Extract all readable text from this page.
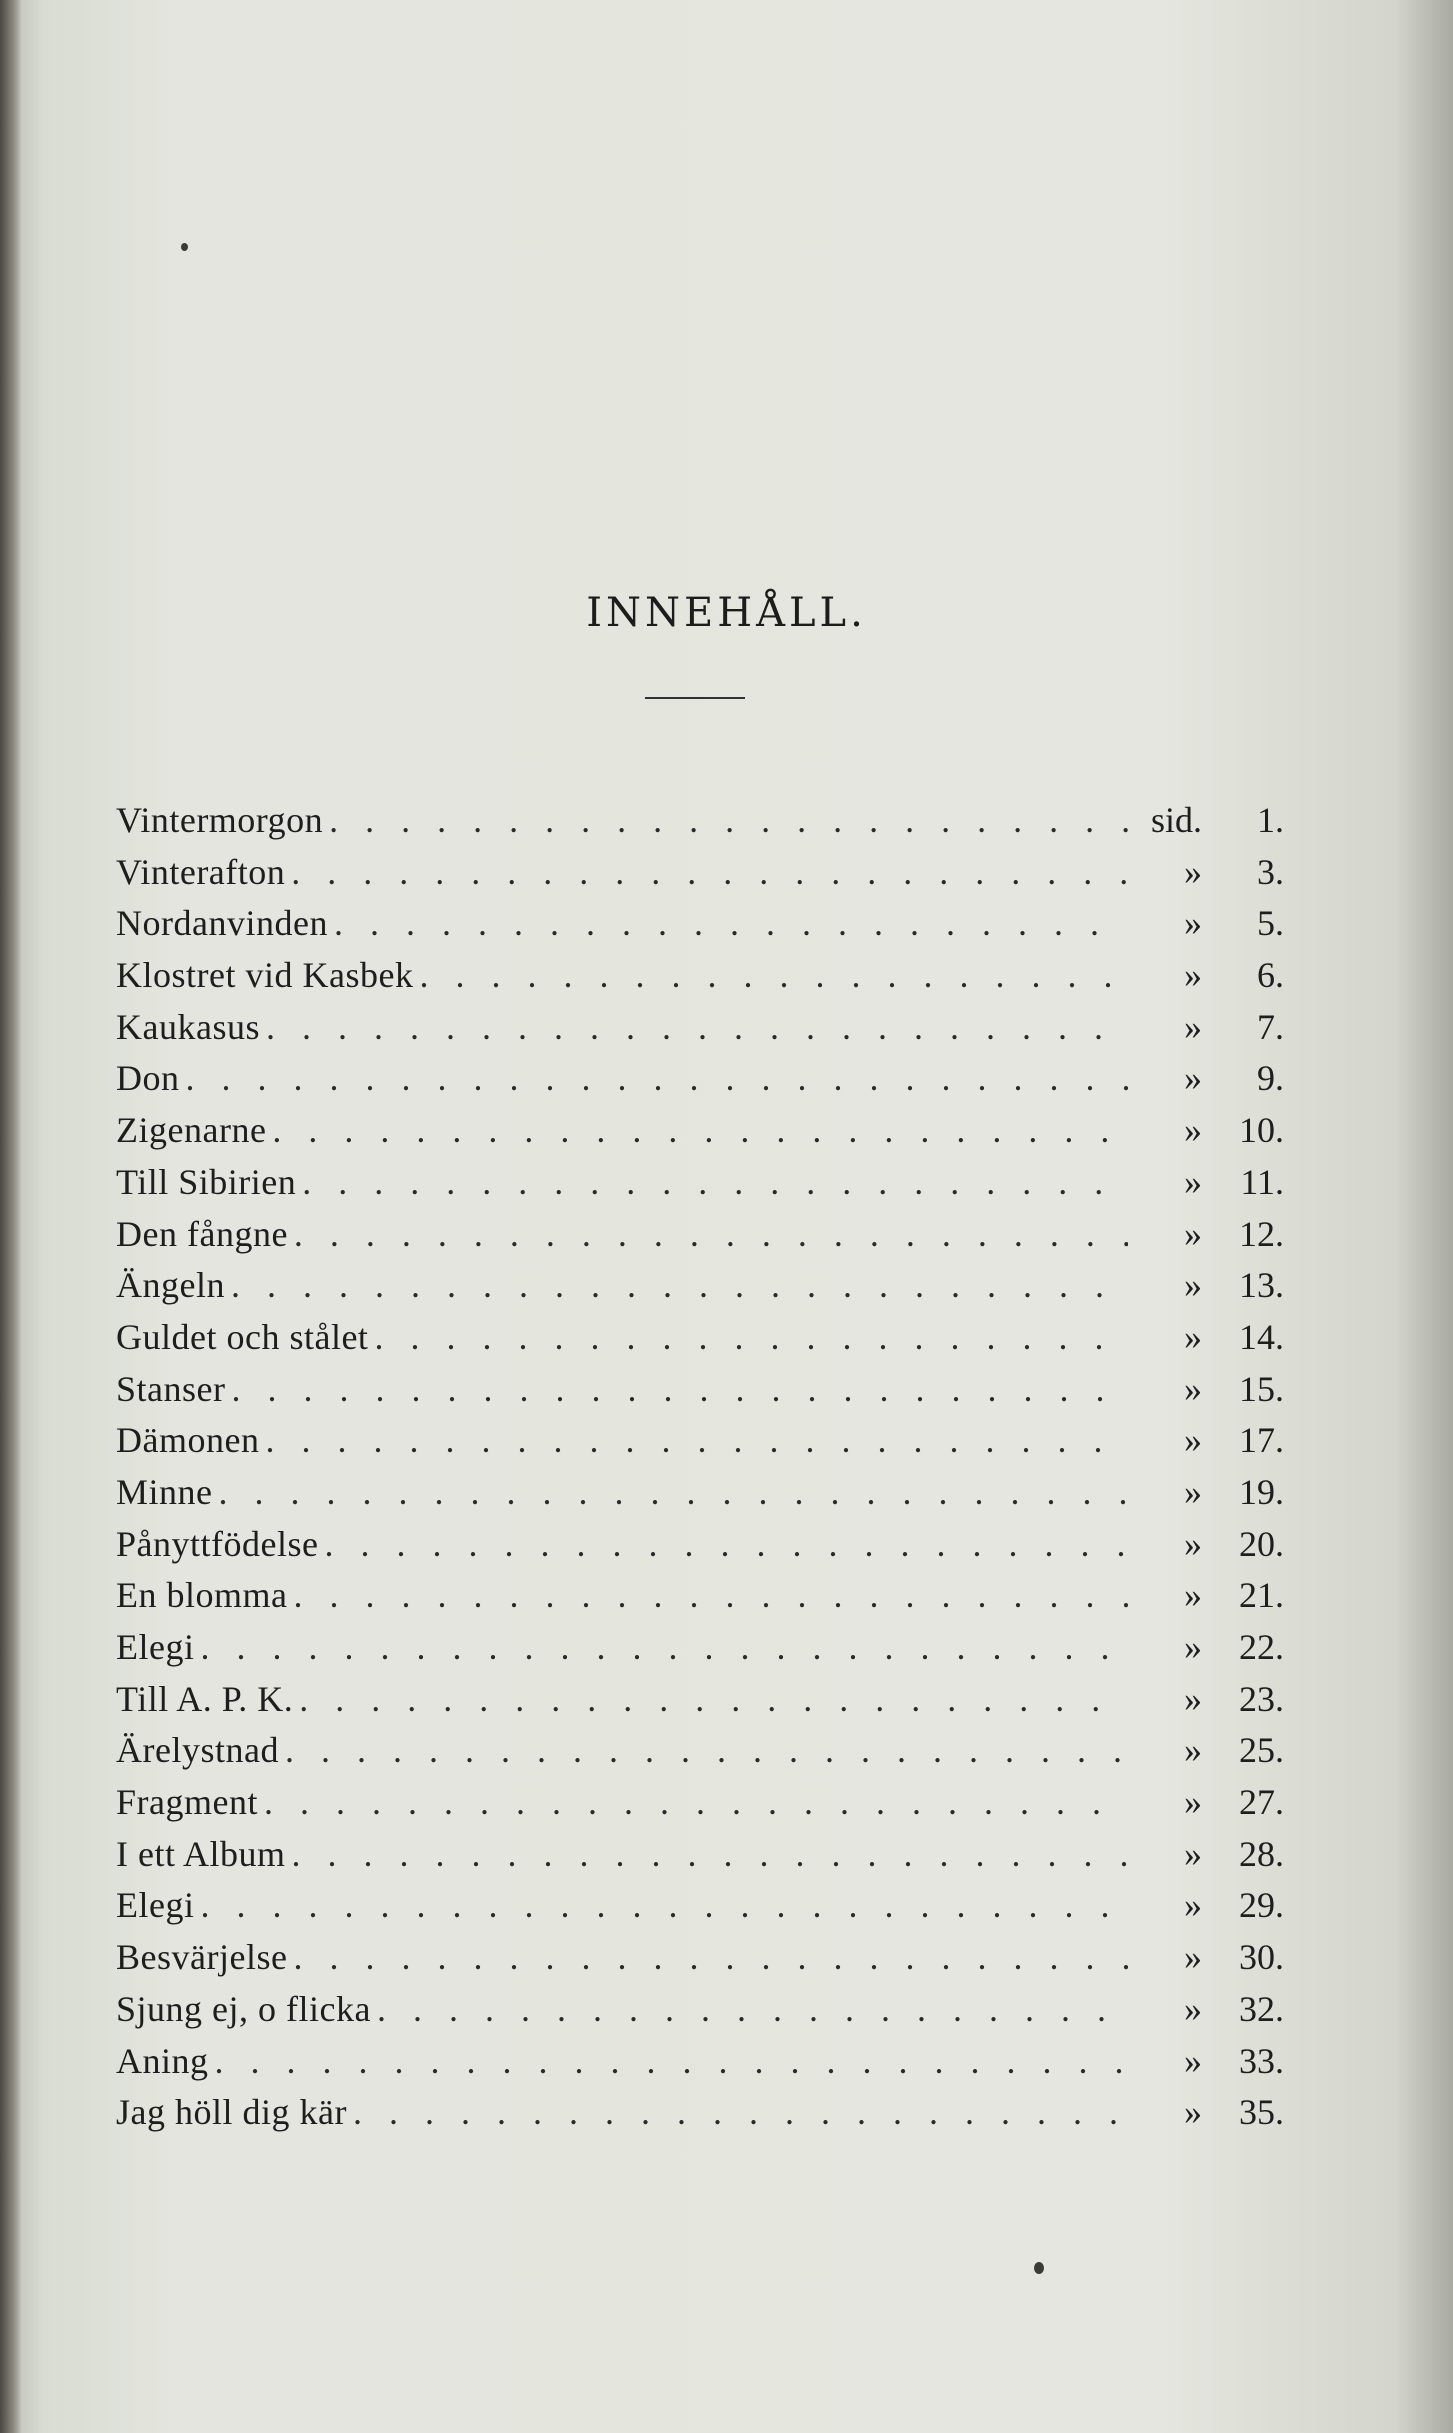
INNEHÅLL.
Vintermorgon . . .	sid.	1.
Vinterafton . . .	»	3.
Nordanvinden . . .	»	5.
Klostret vid Kasbek . . .	»	6.
Kaukasus . . .	»	7.
Don . . .	»	9.
Zigenarne . . .	»	10.
Till Sibirien . . .	»	11.
Den fångne . . .	»	12.
Ängeln . . .	»	13.
Guldet och stålet . . .	»	14.
Stanser . . .	»	15.
Dämonen . . .	»	17.
Minne . . .	»	19.
Pånyttfödelse . . .	»	20.
En blomma . . .	»	21.
Elegi . . .	»	22.
Till A. P. K. . . .	»	23.
Ärelystnad . . .	»	25.
Fragment . . .	»	27.
I ett Album . . .	»	28.
Elegi . . .	»	29.
Besvärjelse . . .	»	30.
Sjung ej, o flicka . . .	»	32.
Aning . . .	»	33.
Jag höll dig kär . . .	»	35.
